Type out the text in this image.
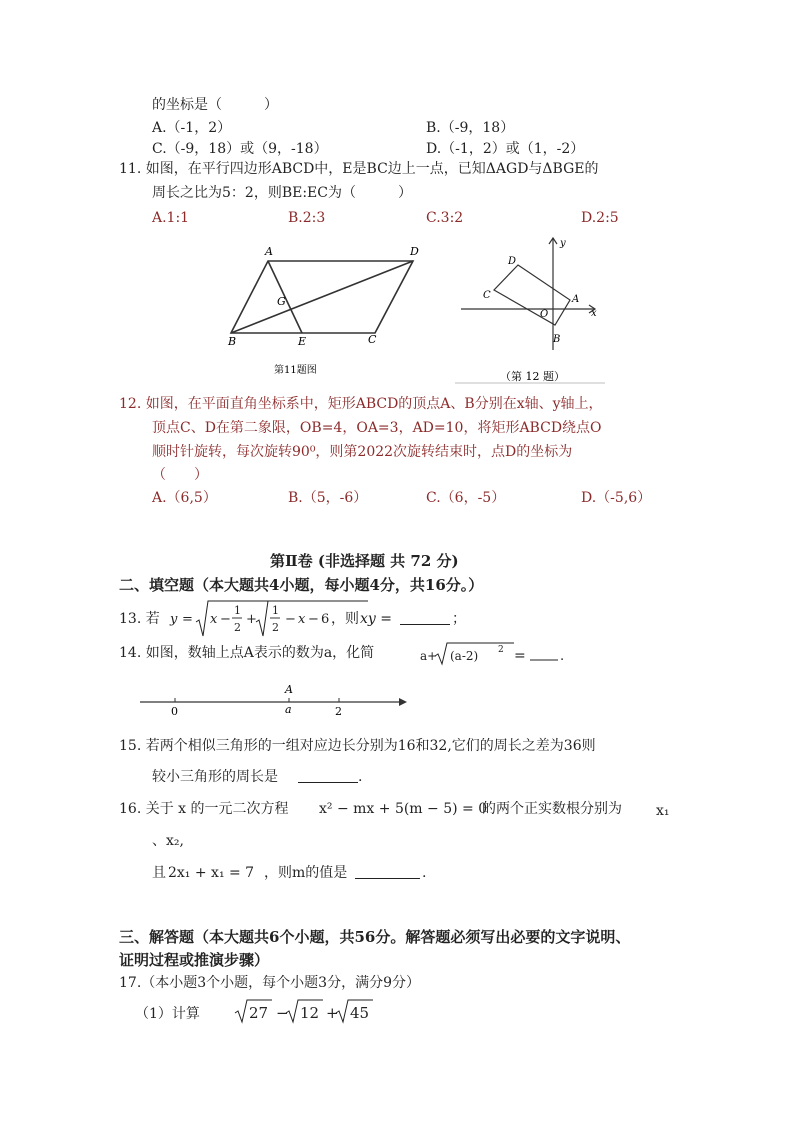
的坐标是（　　　）
A.（-1，2）	B.（-9，18）
C.（-9，18）或（9，-18）	D.（-1，2）或（1，-2）
11. 如图，在平行四边形ABCD中，E是BC边上一点，已知ΔAGD与ΔBGE的
周长之比为5：2，则BE:EC为（　　　）
A.1:1	B.2:3	C.3:2	D.2:5
A	D
G
B	E	C
第11题图
y
x
D
C	A
O
B
（第 12 题）
12. 如图，在平面直角坐标系中，矩形ABCD的顶点A、B分别在x轴、y轴上，
顶点C、D在第二象限，OB=4，OA=3，AD=10，将矩形ABCD绕点O
顺时针旋转，每次旋转90⁰，则第2022次旋转结束时，点D的坐标为
（　　）
A.（6,5）	B.（5，-6）	C.（6，-5）	D.（-5,6）
第Ⅱ卷 (非选择题 共 72 分)
二、填空题（本大题共4小题，每小题4分，共16分。）
13. 若 y = x −
1
2
+
1
2
− x − 6 ，则 xy =	；
14. 如图，数轴上点A表示的数为a，化简	a+ (a-2) 2 =	.
A
0	a	2
15. 若两个相似三角形的一组对应边长分别为16和32,它们的周长之差为36则
较小三角形的周长是	.
16. 关于 x 的一元二次方程 x² − mx + 5(m − 5) = 0
的两个正实数根分别为 x₁
、x₂,
且 2x₁ + x₁ = 7 ，则m的值是	.
三、解答题（本大题共6个小题，共56分。解答题必须写出必要的文字说明、
证明过程或推演步骤）
17.（本小题3个小题，每个小题3分，满分9分）
（1）计算	27 − 12 + 45
